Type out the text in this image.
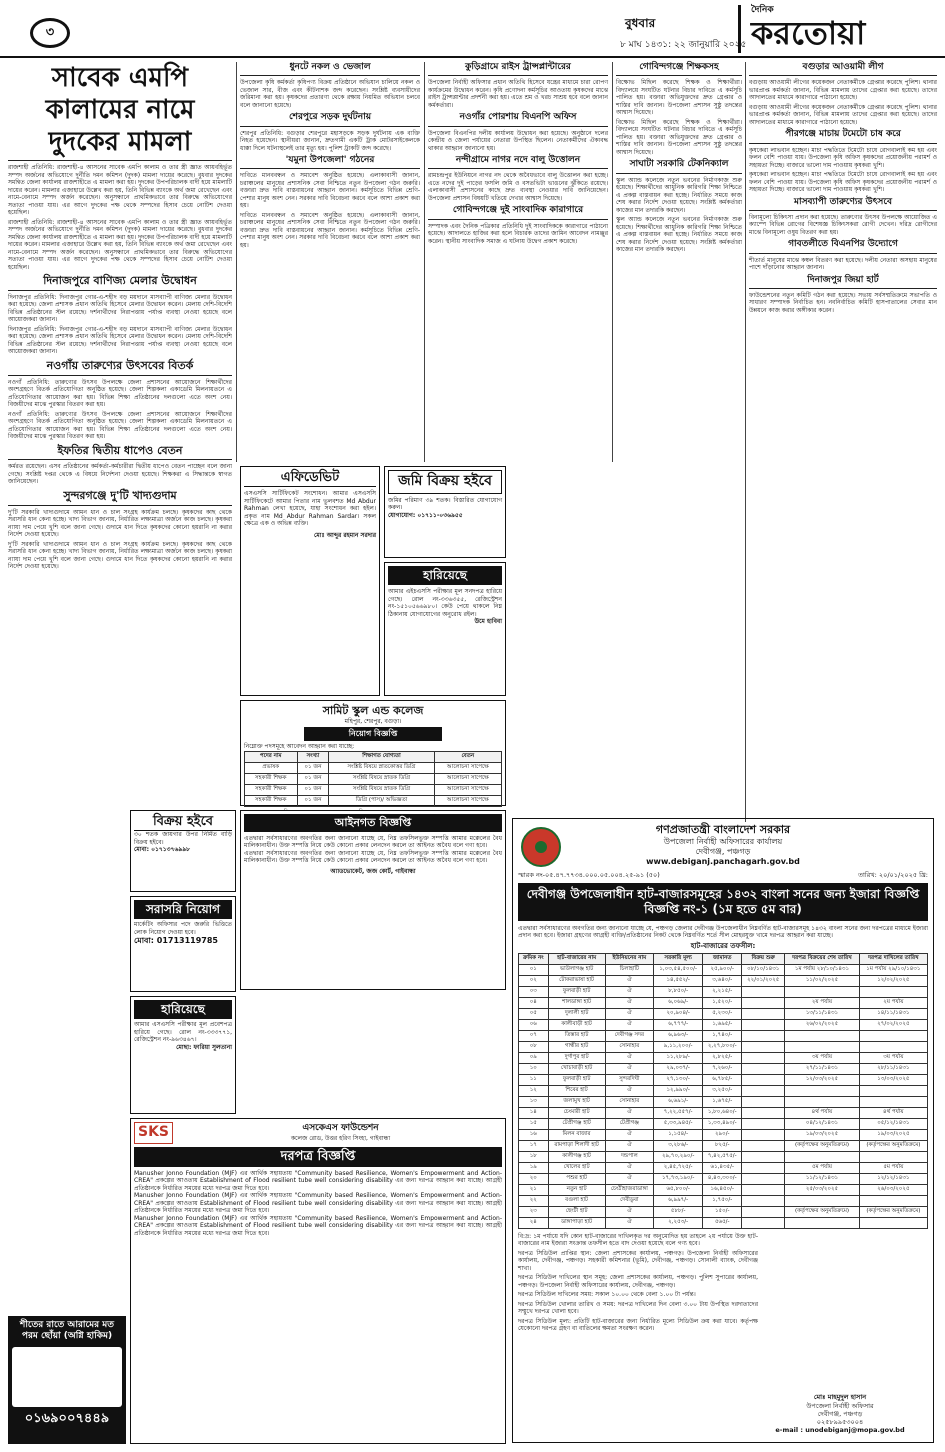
৩
বুধবার
৮ মাঘ ১৪৩১: ২২ জানুয়ারি ২০২৫
দৈনিক
করতোয়া
সাবেক এমপি কালামের নামে দুদকের মামলা

রাজশাহী প্রতিনিধি: রাজশাহী-৪ আসনের সাবেক এমপি কালাম ও তার স্ত্রী জ্ঞাত আয়বহির্ভূত সম্পদ অর্জনের অভিযোগে দুর্নীতি দমন কমিশন (দুদক) মামলা দায়ের করেছে। বুধবার দুদকের সমন্বিত জেলা কার্যালয় রাজশাহীতে এ মামলা করা হয়। দুদকের উপপরিচালক বাদী হয়ে মামলাটি দায়ের করেন। মামলার এজাহারে উল্লেখ করা হয়, তিনি বিভিন্ন ব্যাংকে অর্থ জমা রেখেছেন এবং নামে-বেনামে সম্পদ অর্জন করেছেন। অনুসন্ধানে প্রাথমিকভাবে তার বিরুদ্ধে অভিযোগের সত্যতা পাওয়া যায়। এর আগে দুদকের পক্ষ থেকে সম্পদের হিসাব চেয়ে নোটিশ দেওয়া হয়েছিল।

রাজশাহী প্রতিনিধি: রাজশাহী-৪ আসনের সাবেক এমপি কালাম ও তার স্ত্রী জ্ঞাত আয়বহির্ভূত সম্পদ অর্জনের অভিযোগে দুর্নীতি দমন কমিশন (দুদক) মামলা দায়ের করেছে। বুধবার দুদকের সমন্বিত জেলা কার্যালয় রাজশাহীতে এ মামলা করা হয়। দুদকের উপপরিচালক বাদী হয়ে মামলাটি দায়ের করেন। মামলার এজাহারে উল্লেখ করা হয়, তিনি বিভিন্ন ব্যাংকে অর্থ জমা রেখেছেন এবং নামে-বেনামে সম্পদ অর্জন করেছেন। অনুসন্ধানে প্রাথমিকভাবে তার বিরুদ্ধে অভিযোগের সত্যতা পাওয়া যায়। এর আগে দুদকের পক্ষ থেকে সম্পদের হিসাব চেয়ে নোটিশ দেওয়া হয়েছিল।

দিনাজপুরে বাণিজ্য মেলার উদ্বোধন

দিনাজপুর প্রতিনিধি: দিনাজপুর গোর-এ-শহীদ বড় ময়দানে মাসব্যাপী বাণিজ্য মেলার উদ্বোধন করা হয়েছে। জেলা প্রশাসক প্রধান অতিথি হিসেবে মেলার উদ্বোধন করেন। মেলায় দেশি-বিদেশি বিভিন্ন প্রতিষ্ঠানের স্টল রয়েছে। দর্শনার্থীদের নিরাপত্তায় পর্যাপ্ত ব্যবস্থা নেওয়া হয়েছে বলে আয়োজকরা জানান।

দিনাজপুর প্রতিনিধি: দিনাজপুর গোর-এ-শহীদ বড় ময়দানে মাসব্যাপী বাণিজ্য মেলার উদ্বোধন করা হয়েছে। জেলা প্রশাসক প্রধান অতিথি হিসেবে মেলার উদ্বোধন করেন। মেলায় দেশি-বিদেশি বিভিন্ন প্রতিষ্ঠানের স্টল রয়েছে। দর্শনার্থীদের নিরাপত্তায় পর্যাপ্ত ব্যবস্থা নেওয়া হয়েছে বলে আয়োজকরা জানান।

নওগাঁয় তারুণ্যের উৎসবের বিতর্ক

নওগাঁ প্রতিনিধি: তারুণ্যের উৎসব উপলক্ষে জেলা প্রশাসনের আয়োজনে শিক্ষার্থীদের অংশগ্রহণে বিতর্ক প্রতিযোগিতা অনুষ্ঠিত হয়েছে। জেলা শিল্পকলা একাডেমি মিলনায়তনে এ প্রতিযোগিতার আয়োজন করা হয়। বিভিন্ন শিক্ষা প্রতিষ্ঠানের দলগুলো এতে অংশ নেয়। বিজয়ীদের মাঝে পুরস্কার বিতরণ করা হয়।

নওগাঁ প্রতিনিধি: তারুণ্যের উৎসব উপলক্ষে জেলা প্রশাসনের আয়োজনে শিক্ষার্থীদের অংশগ্রহণে বিতর্ক প্রতিযোগিতা অনুষ্ঠিত হয়েছে। জেলা শিল্পকলা একাডেমি মিলনায়তনে এ প্রতিযোগিতার আয়োজন করা হয়। বিভিন্ন শিক্ষা প্রতিষ্ঠানের দলগুলো এতে অংশ নেয়। বিজয়ীদের মাঝে পুরস্কার বিতরণ করা হয়।

ইফতির দ্বিতীয় ধাপেও বেতন

কর্মরত রয়েছেন। এসব প্রতিষ্ঠানের কর্মকর্তা-কর্মচারীরা দ্বিতীয় ধাপেও বেতন পাচ্ছেন বলে জানা গেছে। সংশ্লিষ্ট দপ্তর থেকে এ বিষয়ে নির্দেশনা দেওয়া হয়েছে। শিক্ষকরা এ সিদ্ধান্তকে স্বাগত জানিয়েছেন।

সুন্দরগঞ্জে দু'টি খাদ্যগুদাম

দু'টি সরকারি খাদ্যগুদামে আমন ধান ও চাল সংগ্রহ কার্যক্রম চলছে। কৃষকদের কাছ থেকে সরাসরি ধান কেনা হচ্ছে। খাদ্য বিভাগ জানায়, নির্ধারিত লক্ষ্যমাত্রা অর্জনে কাজ চলছে। কৃষকরা ন্যায্য দাম পেয়ে খুশি বলে জানা গেছে। গুদামে ধান দিতে কৃষকদের কোনো হয়রানি না করার নির্দেশ দেওয়া হয়েছে।

দু'টি সরকারি খাদ্যগুদামে আমন ধান ও চাল সংগ্রহ কার্যক্রম চলছে। কৃষকদের কাছ থেকে সরাসরি ধান কেনা হচ্ছে। খাদ্য বিভাগ জানায়, নির্ধারিত লক্ষ্যমাত্রা অর্জনে কাজ চলছে। কৃষকরা ন্যায্য দাম পেয়ে খুশি বলে জানা গেছে। গুদামে ধান দিতে কৃষকদের কোনো হয়রানি না করার নির্দেশ দেওয়া হয়েছে।

ধুনটে নকল ও ভেজাল

উপজেলা কৃষি কর্মকর্তা কৃষিপণ্য বিক্রয় প্রতিষ্ঠানে অভিযান চালিয়ে নকল ও ভেজাল সার, বীজ এবং কীটনাশক জব্দ করেছেন। সংশ্লিষ্ট ব্যবসায়ীদের জরিমানা করা হয়। কৃষকদের প্রতারণা থেকে রক্ষায় নিয়মিত অভিযান চলবে বলে জানানো হয়েছে।

শেরপুরে সড়ক দুর্ঘটনায়

শেরপুর প্রতিনিধি: বগুড়ার শেরপুরে মহাসড়কে সড়ক দুর্ঘটনায় এক ব্যক্তি নিহত হয়েছেন। স্থানীয়রা জানান, দ্রুতগামী একটি ট্রাক মোটরসাইকেলকে ধাক্কা দিলে ঘটনাস্থলেই তার মৃত্যু হয়। পুলিশ ট্রাকটি জব্দ করেছে।

'যমুনা উপজেলা' গঠনের

দাবিতে মানববন্ধন ও সমাবেশ অনুষ্ঠিত হয়েছে। এলাকাবাসী জানান, চরাঞ্চলের মানুষের প্রশাসনিক সেবা নিশ্চিতে নতুন উপজেলা গঠন জরুরি। বক্তারা দ্রুত দাবি বাস্তবায়নের আহ্বান জানান। কর্মসূচিতে বিভিন্ন শ্রেণি-পেশার মানুষ অংশ নেন। সরকার দাবি বিবেচনা করবে বলে আশা প্রকাশ করা হয়।

দাবিতে মানববন্ধন ও সমাবেশ অনুষ্ঠিত হয়েছে। এলাকাবাসী জানান, চরাঞ্চলের মানুষের প্রশাসনিক সেবা নিশ্চিতে নতুন উপজেলা গঠন জরুরি। বক্তারা দ্রুত দাবি বাস্তবায়নের আহ্বান জানান। কর্মসূচিতে বিভিন্ন শ্রেণি-পেশার মানুষ অংশ নেন। সরকার দাবি বিবেচনা করবে বলে আশা প্রকাশ করা হয়।

কুড়িগ্রামে রাইস ট্রান্সপ্লান্টারের

উপজেলা নির্বাহী অফিসার প্রধান অতিথি হিসেবে যন্ত্রের মাধ্যমে চারা রোপণ কার্যক্রমের উদ্বোধন করেন। কৃষি প্রণোদনা কর্মসূচির আওতায় কৃষকদের মাঝে রাইস ট্রান্সপ্লান্টার প্রদর্শনী করা হয়। এতে শ্রম ও খরচ সাশ্রয় হবে বলে জানান কর্মকর্তারা।

নওগাঁর পোরশায় বিএনপি অফিস

উপজেলা বিএনপির দলীয় কার্যালয় উদ্বোধন করা হয়েছে। অনুষ্ঠানে দলের কেন্দ্রীয় ও জেলা পর্যায়ের নেতারা উপস্থিত ছিলেন। নেতাকর্মীদের ঐক্যবদ্ধ থাকার আহ্বান জানানো হয়।

নন্দীগ্রামে নাগর নদে বালু উত্তোলন

রামচন্দ্রপুর ইউনিয়নে নাগর নদ থেকে অবৈধভাবে বালু উত্তোলন করা হচ্ছে। এতে নদের দুই পাড়ের ফসলি জমি ও বসতভিটা ভাঙনের ঝুঁকিতে রয়েছে। এলাকাবাসী প্রশাসনের কাছে দ্রুত ব্যবস্থা নেওয়ার দাবি জানিয়েছেন। উপজেলা প্রশাসন বিষয়টি খতিয়ে দেখার আশ্বাস দিয়েছে।

গোবিন্দগঞ্জে দুই সাংবাদিক কারাগারে

সম্পাদক এবং দৈনিক পত্রিকার প্রতিনিধি দুই সাংবাদিককে কারাগারে পাঠানো হয়েছে। আদালতে হাজির করা হলে বিচারক তাদের জামিন আবেদন নামঞ্জুর করেন। স্থানীয় সাংবাদিক সমাজ এ ঘটনায় উদ্বেগ প্রকাশ করেছে।

গোবিন্দগঞ্জে শিক্ষকসহ

বিক্ষোভ মিছিল করেছে শিক্ষক ও শিক্ষার্থীরা। বিদ্যালয়ে সংঘটিত ঘটনার বিচার দাবিতে এ কর্মসূচি পালিত হয়। বক্তারা অভিযুক্তদের দ্রুত গ্রেপ্তার ও শাস্তির দাবি জানান। উপজেলা প্রশাসন সুষ্ঠু তদন্তের আশ্বাস দিয়েছে।

বিক্ষোভ মিছিল করেছে শিক্ষক ও শিক্ষার্থীরা। বিদ্যালয়ে সংঘটিত ঘটনার বিচার দাবিতে এ কর্মসূচি পালিত হয়। বক্তারা অভিযুক্তদের দ্রুত গ্রেপ্তার ও শাস্তির দাবি জানান। উপজেলা প্রশাসন সুষ্ঠু তদন্তের আশ্বাস দিয়েছে।

সাঘাটা সরকারি টেকনিক্যাল

স্কুল অ্যান্ড কলেজে নতুন ভবনের নির্মাণকাজ শুরু হয়েছে। শিক্ষার্থীদের আধুনিক কারিগরি শিক্ষা নিশ্চিতে এ প্রকল্প বাস্তবায়ন করা হচ্ছে। নির্ধারিত সময়ে কাজ শেষ করার নির্দেশ দেওয়া হয়েছে। সংশ্লিষ্ট কর্মকর্তারা কাজের মান তদারকি করছেন।

স্কুল অ্যান্ড কলেজে নতুন ভবনের নির্মাণকাজ শুরু হয়েছে। শিক্ষার্থীদের আধুনিক কারিগরি শিক্ষা নিশ্চিতে এ প্রকল্প বাস্তবায়ন করা হচ্ছে। নির্ধারিত সময়ে কাজ শেষ করার নির্দেশ দেওয়া হয়েছে। সংশ্লিষ্ট কর্মকর্তারা কাজের মান তদারকি করছেন।

বগুড়ার আওয়ামী লীগ

বগুড়ায় আওয়ামী লীগের কয়েকজন নেতাকর্মীকে গ্রেপ্তার করেছে পুলিশ। থানার ভারপ্রাপ্ত কর্মকর্তা জানান, বিভিন্ন মামলায় তাদের গ্রেপ্তার করা হয়েছে। তাদের আদালতের মাধ্যমে কারাগারে পাঠানো হয়েছে।

বগুড়ায় আওয়ামী লীগের কয়েকজন নেতাকর্মীকে গ্রেপ্তার করেছে পুলিশ। থানার ভারপ্রাপ্ত কর্মকর্তা জানান, বিভিন্ন মামলায় তাদের গ্রেপ্তার করা হয়েছে। তাদের আদালতের মাধ্যমে কারাগারে পাঠানো হয়েছে।

পীরগঞ্জে মাচায় টমেটো চাষ করে

কৃষকেরা লাভবান হচ্ছেন। মাচা পদ্ধতিতে টমেটো চাষে রোগবালাই কম হয় এবং ফলন বেশি পাওয়া যায়। উপজেলা কৃষি অফিস কৃষকদের প্রয়োজনীয় পরামর্শ ও সহায়তা দিচ্ছে। বাজারে ভালো দাম পাওয়ায় কৃষকরা খুশি।

কৃষকেরা লাভবান হচ্ছেন। মাচা পদ্ধতিতে টমেটো চাষে রোগবালাই কম হয় এবং ফলন বেশি পাওয়া যায়। উপজেলা কৃষি অফিস কৃষকদের প্রয়োজনীয় পরামর্শ ও সহায়তা দিচ্ছে। বাজারে ভালো দাম পাওয়ায় কৃষকরা খুশি।

মাসব্যাপী তারুণ্যের উৎসবে

বিনামূল্যে চিকিৎসা প্রদান করা হয়েছে। তারুণ্যের উৎসব উপলক্ষে আয়োজিত এ ক্যাম্পে বিভিন্ন রোগের বিশেষজ্ঞ চিকিৎসকরা রোগী দেখেন। দরিদ্র রোগীদের মাঝে বিনামূল্যে ওষুধ বিতরণ করা হয়।

গাবতলীতে বিএনপির উদ্যোগে

শীতার্ত মানুষের মাঝে কম্বল বিতরণ করা হয়েছে। দলীয় নেতারা অসহায় মানুষের পাশে দাঁড়ানোর আহ্বান জানান।

দিনাজপুর জিয়া হার্ট

ফাউন্ডেশনের নতুন কমিটি গঠন করা হয়েছে। সভায় সর্বসম্মতিক্রমে সভাপতি ও সাধারণ সম্পাদক নির্বাচিত হন। নবনির্বাচিত কমিটি হাসপাতালের সেবার মান উন্নয়নে কাজ করার অঙ্গীকার করেন।

এফিডেভিট

এসএসসি সার্টিফিকেট সংশোধন। আমার এসএসসি সার্টিফিকেটে আমার পিতার নাম ভুলবশত Md Abdur Rahman লেখা হয়েছে, যাহা সংশোধন করা হইল। প্রকৃত নাম Md Abdur Rahman Sardar। সকল ক্ষেত্রে এক ও অভিন্ন ব্যক্তি।

মোঃ আব্দুর রহমান সরদার

জমি বিক্রয় হইবে

জমির পরিমাণ ৩৯ শতক। বিস্তারিত যোগাযোগ করুন।

যোগাযোগ: ০১৭১১-০৩৬৯৫৫

হারিয়েছে

আমার এইচএসসি পরীক্ষার মূল সনদপত্র হারিয়ে গেছে। রোল নং-৩৩৬৩৫৫, রেজিস্ট্রেশন নং-১৫১০৫৬৬৯৮০। কেউ পেয়ে থাকলে নিম্ন ঠিকানায় যোগাযোগের অনুরোধ রইল।

উমে হাবিবা

সামিট স্কুল এন্ড কলেজ
মহিপুর, শেরপুর, বগুড়া।
নিয়োগ বিজ্ঞপ্তি

নিম্নোক্ত পদসমূহে আবেদন আহ্বান করা যাচ্ছে:

পদের নাম	সংখ্যা	শিক্ষাগত যোগ্যতা	বেতন
প্রভাষক	০১ জন	সংশ্লিষ্ট বিষয়ে স্নাতকোত্তর ডিগ্রি	আলোচনা সাপেক্ষে
সহকারী শিক্ষক	০১ জন	সংশ্লিষ্ট বিষয়ে স্নাতক ডিগ্রি	আলোচনা সাপেক্ষে
সহকারী শিক্ষক	০১ জন	সংশ্লিষ্ট বিষয়ে স্নাতক ডিগ্রি	আলোচনা সাপেক্ষে
সহকারী শিক্ষক	০১ জন	ডিগ্রি (পাস)/ অভিজ্ঞতা	আলোচনা সাপেক্ষে

বিক্রয় হইবে

৩০ শতক জায়গার উপর নির্মিত বাড়ি বিক্রয় হইবে।

মোবা: ০১৭১৩৭৬৯৯৮

সরাসরি নিয়োগ

মার্কেটিং অফিসার পদে জরুরি ভিত্তিতে লোক নিয়োগ দেওয়া হবে।

মোবা: 01713119785

আইনগত বিজ্ঞপ্তি

এতদ্বারা সর্বসাধারণের অবগতির জন্য জানানো যাচ্ছে যে, নিম্ন তফসিলভুক্ত সম্পত্তি আমার মক্কেলের বৈধ মালিকানাধীন। উক্ত সম্পত্তি নিয়ে কেউ কোনো প্রকার লেনদেন করলে তা আইনত অবৈধ বলে গণ্য হবে।

এতদ্বারা সর্বসাধারণের অবগতির জন্য জানানো যাচ্ছে যে, নিম্ন তফসিলভুক্ত সম্পত্তি আমার মক্কেলের বৈধ মালিকানাধীন। উক্ত সম্পত্তি নিয়ে কেউ কোনো প্রকার লেনদেন করলে তা আইনত অবৈধ বলে গণ্য হবে।

অ্যাডভোকেট, জজ কোর্ট, গাইবান্ধা

হারিয়েছে

আমার এসএসসি পরীক্ষার মূল প্রবেশপত্র হারিয়ে গেছে। রোল নং-৩৩৩৭৭১, রেজিস্ট্রেশন নং-৯৬৩৪৬৭।

মোছা: ফারিয়া সুলতানা

SKS	এসকেএস ফাউন্ডেশন
কলেজ রোড, উত্তর হরিণ সিংহা, গাইবান্ধা
দরপত্র বিজ্ঞপ্তি

Manusher Jonno Foundation (MJF) এর আর্থিক সহায়তায় "Community based Resilience, Women's Empowerment and Action-CREA" প্রকল্পের আওতায় Establishment of Flood resilient tube well considering disability এর জন্য দরপত্র আহ্বান করা যাচ্ছে। আগ্রহী প্রতিষ্ঠানকে নির্ধারিত সময়ের মধ্যে দরপত্র জমা দিতে হবে।

Manusher Jonno Foundation (MJF) এর আর্থিক সহায়তায় "Community based Resilience, Women's Empowerment and Action-CREA" প্রকল্পের আওতায় Establishment of Flood resilient tube well considering disability এর জন্য দরপত্র আহ্বান করা যাচ্ছে। আগ্রহী প্রতিষ্ঠানকে নির্ধারিত সময়ের মধ্যে দরপত্র জমা দিতে হবে।

Manusher Jonno Foundation (MJF) এর আর্থিক সহায়তায় "Community based Resilience, Women's Empowerment and Action-CREA" প্রকল্পের আওতায় Establishment of Flood resilient tube well considering disability এর জন্য দরপত্র আহ্বান করা যাচ্ছে। আগ্রহী প্রতিষ্ঠানকে নির্ধারিত সময়ের মধ্যে দরপত্র জমা দিতে হবে।

শীতের রাতে আরামের মত পরম ছোঁয়া (অগ্নি হাকিম)
০১৬৯০০৭৪৪৯
গণপ্রজাতন্ত্রী বাংলাদেশ সরকার
উপজেলা নির্বাহী অফিসারের কার্যালয়
দেবীগঞ্জ, পঞ্চগড়
www.debiganj.panchagarh.gov.bd
স্মারক নং-০৫.৪৭.৭৭৩৪.০০০.০৫.০০৪.২৫-৯১ (৫০)	তারিখ: ২০/০১/২০২৫ খ্রি:
দেবীগঞ্জ উপজেলাধীন হাট-বাজারসমূহের ১৪৩২ বাংলা সনের জন্য ইজারা বিজ্ঞপ্তি
বিজ্ঞপ্তি নং-১ (১ম হতে ৫ম বার)

এতদ্বারা সর্বসাধারণের অবগতির জন্য জানানো যাচ্ছে যে, পঞ্চগড় জেলার দেবীগঞ্জ উপজেলাধীন নিম্নবর্ণিত হাট-বাজারসমূহ ১৪৩২ বাংলা সনের জন্য দরপত্রের মাধ্যমে ইজারা প্রদান করা হবে। ইজারা গ্রহণের আগ্রহী ব্যক্তি/প্রতিষ্ঠানের নিকট থেকে নিম্নবর্ণিত শর্তে সীল মোহরযুক্ত খামে দরপত্র আহ্বান করা যাচ্ছে।

হাট-বাজারের তফসীল:
ক্রমিক নং	হাট-বাজারের নাম	ইউনিয়নের নাম	সরকারি মূল্য	জামানত	বিক্রয় শুরু	দরপত্র বিক্রয়ের শেষ তারিখ	দরপত্র দাখিলের তারিখ
০১	ভাউলাগঞ্জ হাট	চিলাহাটি	১,০৩,৫৪,৫০০/-	২৫,৯০০/-	০৮/১০/১৪৩১	১ম পর্যায় ২৮/১০/১৪৩১	১ম পর্যায় ২৯/১০/১৪৩১
০২	টোকরাভাষা হাট	ঐ	১৪,৫৫২/-	৩,৬৪০/-	২২/০১/২০২৫	১১/০২/২০২৫	১২/০২/২০২৫
০৩	ফুলবাড়ী হাট	ঐ	৮,৮৫০/-	২,২১৫/-			
০৪	শালডাঙ্গা হাট	ঐ	৬,০৬৯/-	১,৫২০/-		২য় পর্যায়	২য় পর্যায়
০৫	দুলালী হাট	ঐ	২০,৯০৪/-	৫,২৩০/-		১৩/১১/১৪৩১	১৪/১১/১৪৩১
০৬	কালীবাড়ী হাট	ঐ	৬,৭৭৭/-	১,৬৯৫/-		২৬/০২/২০২৫	২৭/০২/২০২৫
০৭	তিস্তার হাট	দেবীগঞ্জ সদর	৬,৯৬৩/-	১,৭৪০/-			
০৮	গান্ধীর হাট	সোনাহার	৯,১১,২০০/-	২,২৭,৮০০/-			
০৯	দুর্গাপুর হাট	ঐ	১১,২৮৯/-	২,৮২৫/-		৩য় পর্যায়	৩য় পর্যায়
১০	খোচাবাড়ী হাট	ঐ	২৯,০৩৭/-	৭,২৬০/-		২৭/১১/১৪৩১	২৮/১১/১৪৩১
১১	ফুলবাড়ী হাট	সুন্দরদিঘী	২৭,১৩০/-	৬,৭৮৫/-		১২/০৩/২০২৫	১৩/০৩/২০২৫
১২	শিবের হাট	ঐ	১২,৯৯০/-	৩,২৫০/-			
১৩	জলামুখ হাট	সোনাহার	৬,৬৯১/-	১,৬৭৫/-			
১৪	চেংমারী হাট	ঐ	৭,২২,৫৫৭/-	১,৮০,৬৪০/-		৪র্থ পর্যায়	৪র্থ পর্যায়
১৫	টেপ্রীগঞ্জ হাট	টেপ্রীগঞ্জ	৫,৩৩,৯৪৫/-	১,৩৩,৪৯০/-		০৪/১২/১৪৩১	০৫/১২/১৪৩১
১৬	মিলন বাজার	ঐ	১,১৫৪/-	২৯০/-		১৯/০৩/২০২৫	১৯/০৩/২০২৫
১৭	রামপাড়া শিলাদী হাট	ঐ	৩,২৮৬/-	৮২৫/-		(কর্তৃপক্ষের অনুমতিক্রমে)	(কর্তৃপক্ষের অনুমতিক্রমে)
১৮	কালীগঞ্জ হাট	দন্ডপাল	২৯,৭০,২৯০/-	৭,৪২,৫৭৫/-			
১৯	খোলের হাট	ঐ	২,৪৫,৭২৫/-	৬১,৪৩৫/-		৫ম পর্যায়	৫ম পর্যায়
২০	পশুর হাট	ঐ	১৭,৭৩,১৯০/-	৪,৪৩,৩০০/-		১১/১২/১৪৩১	১২/১২/১৪৩১
২১	নতুন হাট	চেংঠীহাজরাডাঙ্গা	৬৫,৮০০/-	১৬,৪৫০/-		২৫/০৩/২০২৫	২৬/০৩/২০২৫
২২	বগুলা হাট	দেবীডুবা	৬,৯৯৭/-	১,৭৫০/-			
২৩	ছেংটী হাট	ঐ	৫৮৮/-	১৫০/-		(কর্তৃপক্ষের অনুমতিক্রমে)	(কর্তৃপক্ষের অনুমতিক্রমে)
২৪	ডাঙ্গাপাড়া হাট	ঐ	২,২৫৩/-	৫৬৫/-			

বি:দ্র: ১ম পর্যায়ে যদি কোন হাট-বাজারের দাখিলকৃত দর অনুমোদিত হয় তাহলে ২য় পর্যায়ে উক্ত হাট-বাজারের নাম ইজারা সংক্রান্ত তফসীল হতে বাদ দেওয়া হয়েছে বলে গণ্য হবে।

দরপত্র সিডিউল প্রাপ্তির স্থান: জেলা প্রশাসকের কার্যালয়, পঞ্চগড়। উপজেলা নির্বাহী অফিসারের কার্যালয়, দেবীগঞ্জ, পঞ্চগড়। সহকারী কমিশনার (ভূমি), দেবীগঞ্জ, পঞ্চগড়। সোনালী ব্যাংক, দেবীগঞ্জ শাখা।

দরপত্র সিডিউল দাখিলের স্থান সমূহ: জেলা প্রশাসকের কার্যালয়, পঞ্চগড়। পুলিশ সুপারের কার্যালয়, পঞ্চগড়। উপজেলা নির্বাহী অফিসারের কার্যালয়, দেবীগঞ্জ, পঞ্চগড়।

দরপত্র সিডিউল দাখিলের সময়: সকাল ১০.০০ থেকে বেলা ১.০০ টা পর্যন্ত।

দরপত্র সিডিউল খোলার তারিখ ও সময়: দরপত্র দাখিলের দিন বেলা ৩.০০ টায় উপস্থিত দরদাতাদের সম্মুখে দরপত্র খোলা হবে।

দরপত্র সিডিউল মূল্য: প্রতিটি হাট-বাজারের জন্য নির্ধারিত মূল্যে সিডিউল ক্রয় করা যাবে। কর্তৃপক্ষ যেকোনো দরপত্র গ্রহণ বা বাতিলের ক্ষমতা সংরক্ষণ করেন।

মোঃ মাহমুদুল হাসান
উপজেলা নির্বাহী অফিসার
দেবীগঞ্জ, পঞ্চগড়
০২৫৮৯৯৫৩০০৪
e-mail : unodebiganj@mopa.gov.bd
